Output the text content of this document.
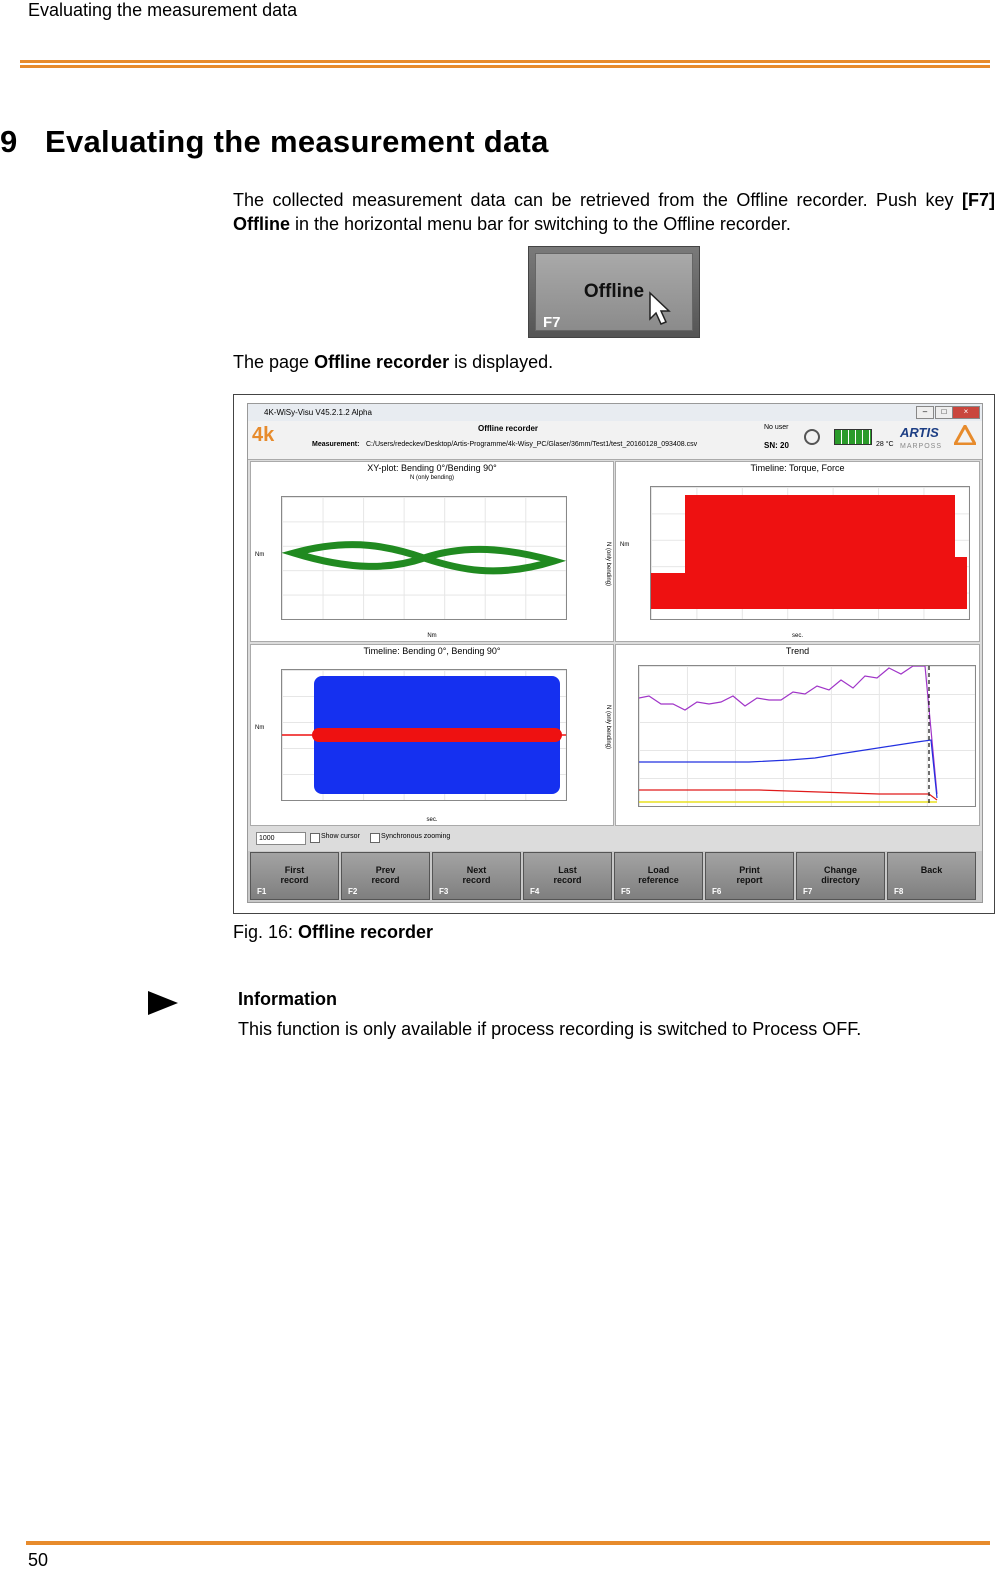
Evaluating the measurement data
9 Evaluating the measurement data
The collected measurement data can be retrieved from the Offline recorder. Push key [F7] Offline in the horizontal menu bar for switching to the Offline recorder.
Offline
F7
The page Offline recorder is displayed.
4K-WiSy-Visu V45.2.1.2 Alpha	–	□	×
4k	Offline recorder
Measurement: C:/Users/redeckev/Desktop/Artis-Programme/4k-Wisy_PC/Glaser/36mm/Test1/test_20160128_093408.csv
No user
SN: 20	28 °C
ARTIS
MARPOSS
XY-plot: Bending 0°/Bending 90°
N (only bending)
Nm
Nm	N (only bending)
Timeline: Torque, Force
sec.
Nm
Timeline: Bending 0°, Bending 90°
sec.
Nm	N (only bending)
Trend
1000	Show cursor	Synchronous zooming
First
record
F1
Prev
record
F2
Next
record
F3
Last
record
F4
Load
reference
F5
Print
report
F6
Change
directory
F7
Back
F8
Fig. 16: Offline recorder
Information
This function is only available if process recording is switched to Process OFF.
50
